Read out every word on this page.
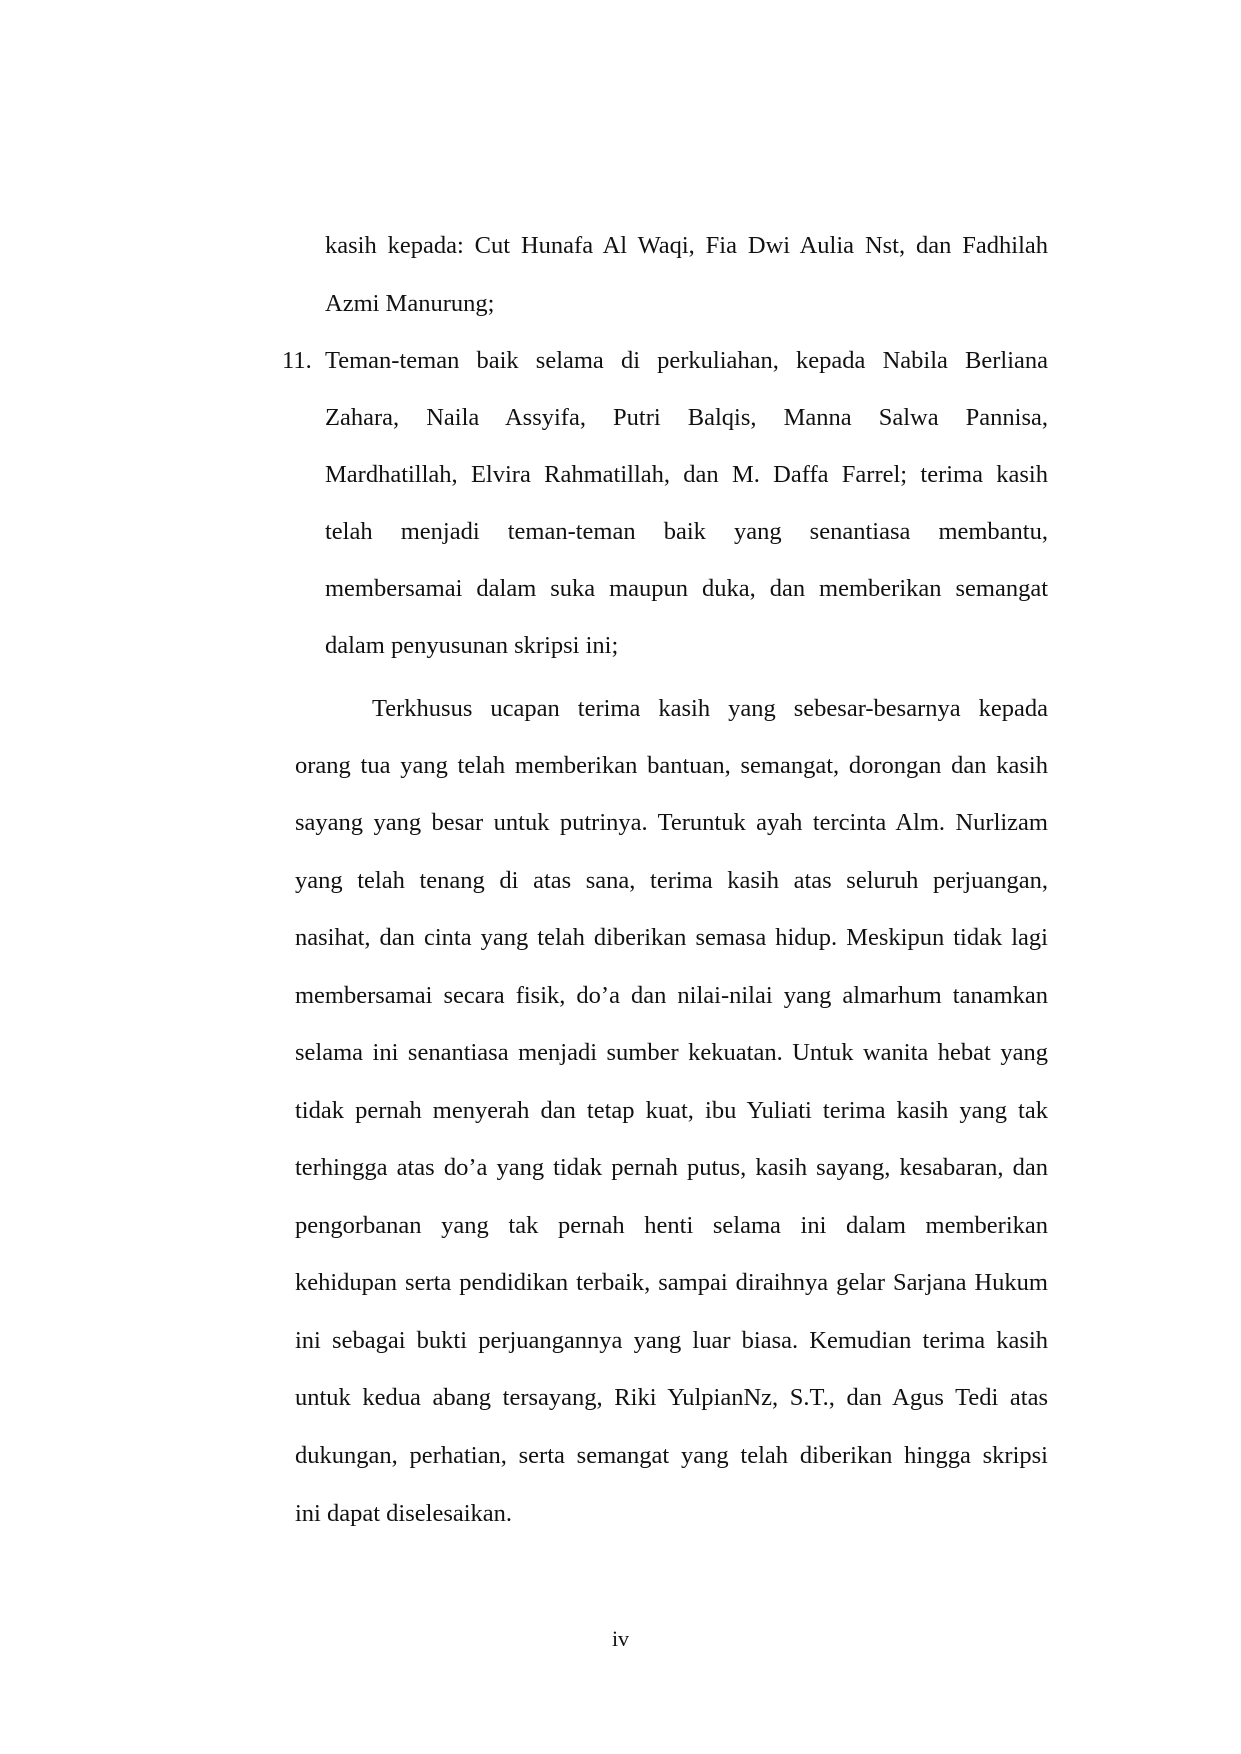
kasih kepada: Cut Hunafa Al Waqi, Fia Dwi Aulia Nst, dan Fadhilah
Azmi Manurung;
11. Teman-teman baik selama di perkuliahan, kepada Nabila Berliana
Zahara, Naila Assyifa, Putri Balqis, Manna Salwa Pannisa,
Mardhatillah, Elvira Rahmatillah, dan M. Daffa Farrel; terima kasih
telah menjadi teman-teman baik yang senantiasa membantu,
membersamai dalam suka maupun duka, dan memberikan semangat
dalam penyusunan skripsi ini;
Terkhusus ucapan terima kasih yang sebesar-besarnya kepada
orang tua yang telah memberikan bantuan, semangat, dorongan dan kasih
sayang yang besar untuk putrinya. Teruntuk ayah tercinta Alm. Nurlizam
yang telah tenang di atas sana, terima kasih atas seluruh perjuangan,
nasihat, dan cinta yang telah diberikan semasa hidup. Meskipun tidak lagi
membersamai secara fisik, do’a dan nilai-nilai yang almarhum tanamkan
selama ini senantiasa menjadi sumber kekuatan. Untuk wanita hebat yang
tidak pernah menyerah dan tetap kuat, ibu Yuliati terima kasih yang tak
terhingga atas do’a yang tidak pernah putus, kasih sayang, kesabaran, dan
pengorbanan yang tak pernah henti selama ini dalam memberikan
kehidupan serta pendidikan terbaik, sampai diraihnya gelar Sarjana Hukum
ini sebagai bukti perjuangannya yang luar biasa. Kemudian terima kasih
untuk kedua abang tersayang, Riki YulpianNz, S.T., dan Agus Tedi atas
dukungan, perhatian, serta semangat yang telah diberikan hingga skripsi
ini dapat diselesaikan.
iv
